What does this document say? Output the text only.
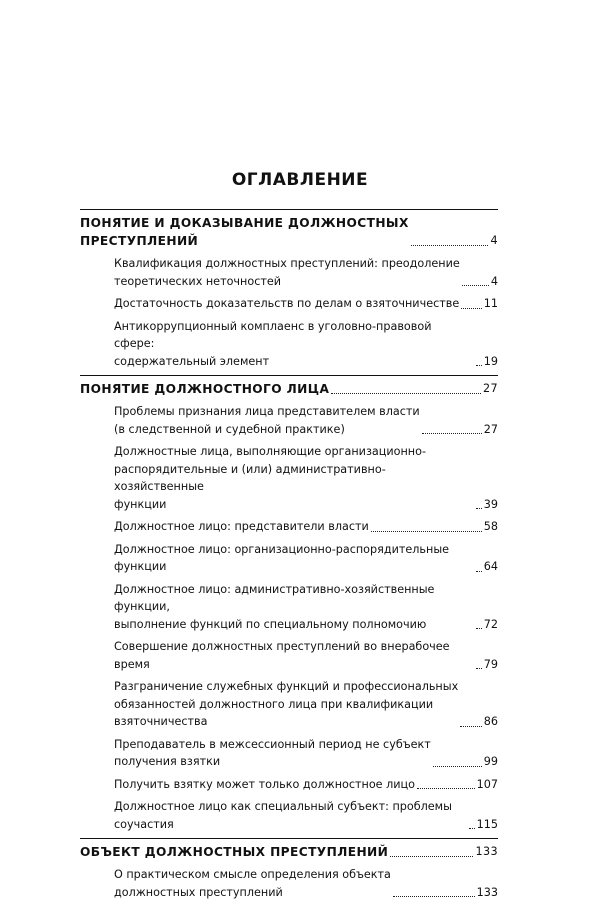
ОГЛАВЛЕНИЕ
ПОНЯТИЕ И ДОКАЗЫВАНИЕ ДОЛЖНОСТНЫХ
ПРЕСТУПЛЕНИЙ	4
Квалификация должностных преступлений: преодоление
теоретических неточностей	4
Достаточность доказательств по делам о взяточничестве 11
Антикоррупционный комплаенс в уголовно-правовой сфере:
содержательный элемент	19
ПОНЯТИЕ ДОЛЖНОСТНОГО ЛИЦА	27
Проблемы признания лица представителем власти
(в следственной и судебной практике)	27
Должностные лица, выполняющие организационно-
распорядительные и (или) административно-хозяйственные
функции	39
Должностное лицо: представители власти	58
Должностное лицо: организационно-распорядительные функции	64
Должностное лицо: административно-хозяйственные функции,
выполнение функций по специальному полномочию	72
Совершение должностных преступлений во внерабочее время	79
Разграничение служебных функций и профессиональных
обязанностей должностного лица при квалификации
взяточничества	86
Преподаватель в межсессионный период не субъект
получения взятки	99
Получить взятку может только должностное лицо	107
Должностное лицо как специальный субъект: проблемы соучастия	115
ОБЪЕКТ ДОЛЖНОСТНЫХ ПРЕСТУПЛЕНИЙ	133
О практическом смысле определения объекта
должностных преступлений	133
